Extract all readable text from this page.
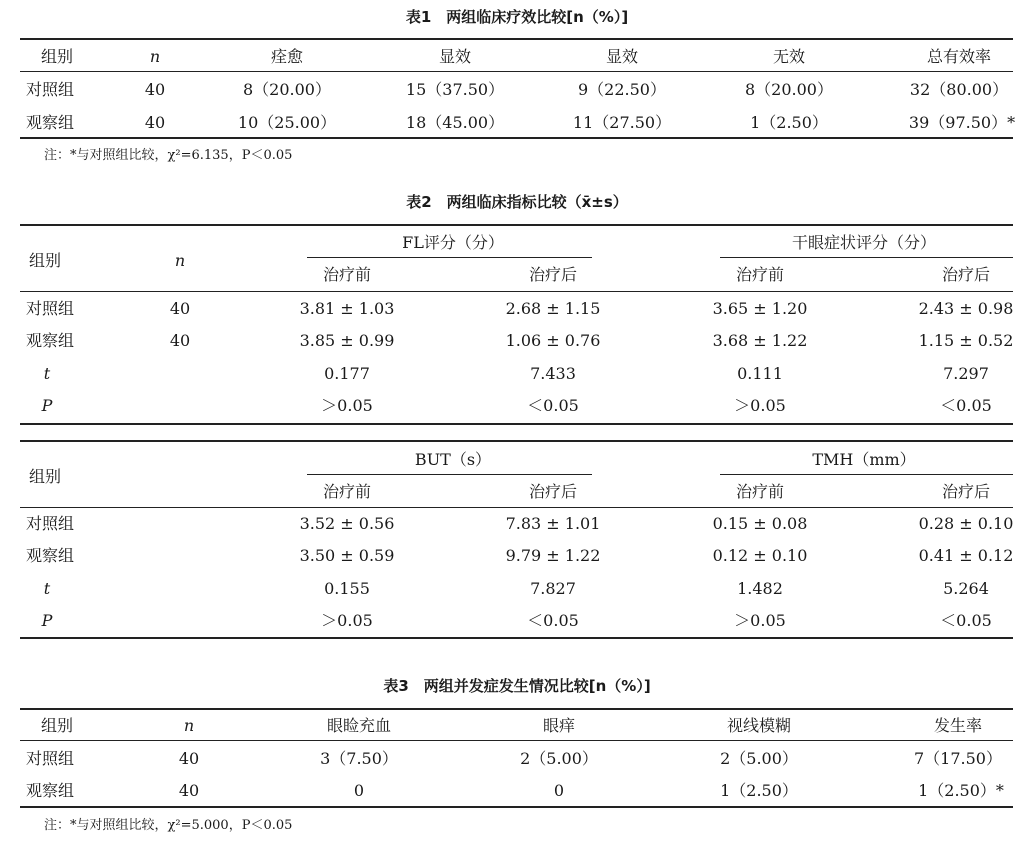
表1　两组临床疗效比较[n（%）]
组别	n	痊愈	显效	显效	无效	总有效率
对照组	40	8（20.00）	15（37.50）	9（22.50）	8（20.00）	32（80.00）
观察组	40	10（25.00）	18（45.00）	11（27.50）	1（2.50）	39（97.50）*
注：*与对照组比较，χ²=6.135，P＜0.05
表2　两组临床指标比较（x̄±s）
组别	n
FL评分（分）	干眼症状评分（分）
治疗前	治疗后	治疗前	治疗后
对照组	40	3.81 ± 1.03	2.68 ± 1.15	3.65 ± 1.20	2.43 ± 0.98
观察组	40	3.85 ± 0.99	1.06 ± 0.76	3.68 ± 1.22	1.15 ± 0.52
t	0.177	7.433	0.111	7.297
P	＞0.05	＜0.05	＞0.05	＜0.05
组别
BUT（s）	TMH（mm）
治疗前	治疗后	治疗前	治疗后
对照组	3.52 ± 0.56	7.83 ± 1.01	0.15 ± 0.08	0.28 ± 0.10
观察组	3.50 ± 0.59	9.79 ± 1.22	0.12 ± 0.10	0.41 ± 0.12
t	0.155	7.827	1.482	5.264
P	＞0.05	＜0.05	＞0.05	＜0.05
表3　两组并发症发生情况比较[n（%）]
组别	n	眼睑充血	眼痒	视线模糊	发生率
对照组	40	3（7.50）	2（5.00）	2（5.00）	7（17.50）
观察组	40	0	0	1（2.50）	1（2.50）*
注：*与对照组比较，χ²=5.000，P＜0.05
